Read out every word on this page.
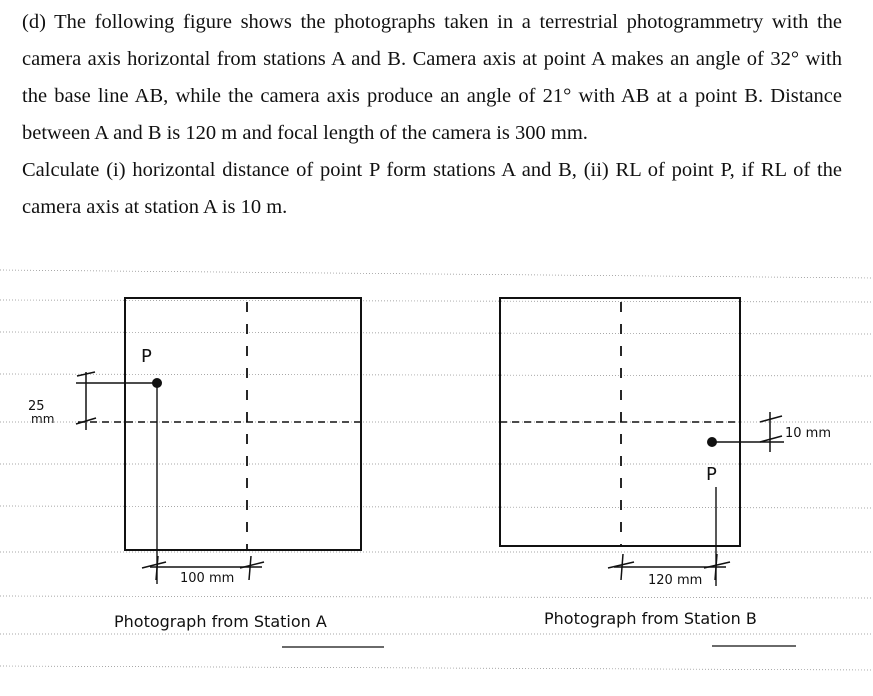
(d) The following figure shows the photographs taken in a terrestrial photogrammetry with the camera axis horizontal from stations A and B. Camera axis at point A makes an angle of 32° with the base line AB, while the camera axis produce an angle of 21° with AB at a point B. Distance between A and B is 120 m and focal length of the camera is 300 mm.

Calculate (i) horizontal distance of point P form stations A and B, (ii) RL of point P, if RL of the camera axis at station A is 10 m.

P
25
mm
100 mm
Photograph from Station A
P
10 mm
120 mm
Photograph from Station B
